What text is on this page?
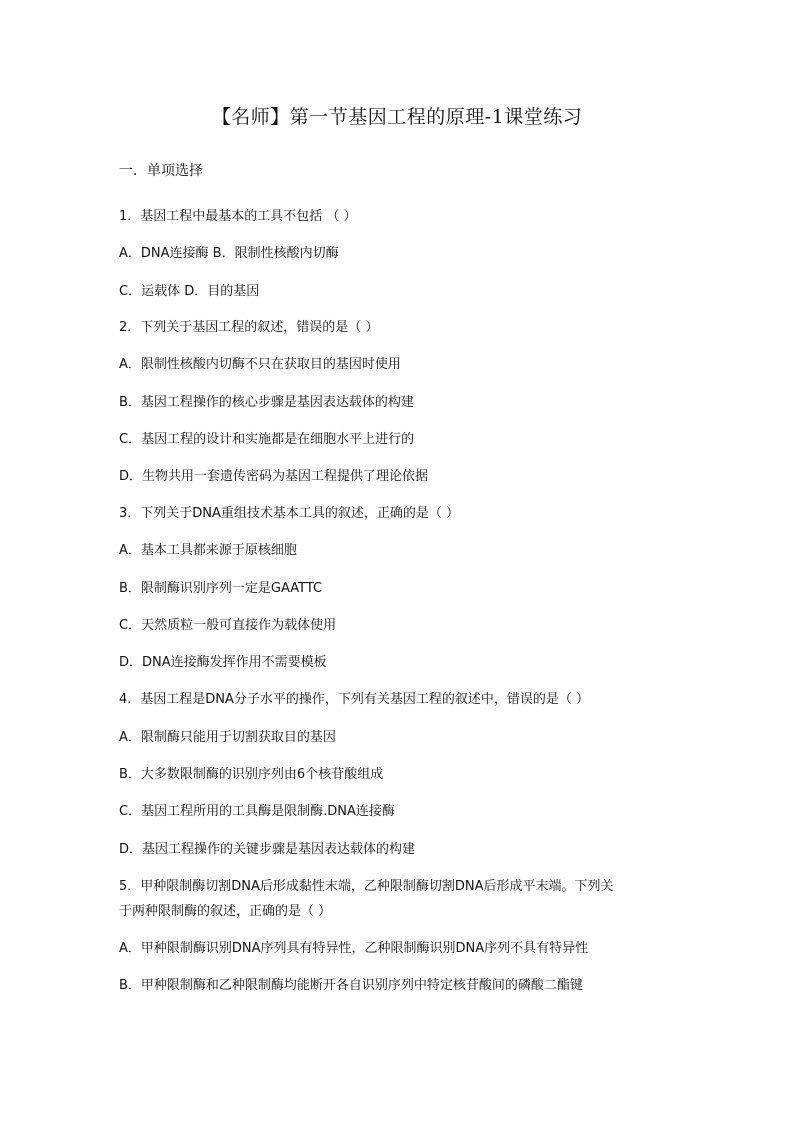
【名师】第一节基因工程的原理-1课堂练习
一．单项选择
1．基因工程中最基本的工具不包括 （ ）
A．DNA连接酶 B．限制性核酸内切酶
C．运载体 D．目的基因
2．下列关于基因工程的叙述，错误的是（ ）
A．限制性核酸内切酶不只在获取目的基因时使用
B．基因工程操作的核心步骤是基因表达载体的构建
C．基因工程的设计和实施都是在细胞水平上进行的
D．生物共用一套遗传密码为基因工程提供了理论依据
3．下列关于DNA重组技术基本工具的叙述，正确的是（ ）
A．基本工具都来源于原核细胞
B．限制酶识别序列一定是GAATTC
C．天然质粒一般可直接作为载体使用
D．DNA连接酶发挥作用不需要模板
4．基因工程是DNA分子水平的操作，下列有关基因工程的叙述中，错误的是（ ）
A．限制酶只能用于切割获取目的基因
B．大多数限制酶的识别序列由6个核苷酸组成
C．基因工程所用的工具酶是限制酶.DNA连接酶
D．基因工程操作的关键步骤是基因表达载体的构建
5．甲种限制酶切割DNA后形成黏性末端，乙种限制酶切割DNA后形成平末端。下列关
于两种限制酶的叙述，正确的是（ ）
A．甲种限制酶识别DNA序列具有特异性，乙种限制酶识别DNA序列不具有特异性
B．甲种限制酶和乙种限制酶均能断开各自识别序列中特定核苷酸间的磷酸二酯键
